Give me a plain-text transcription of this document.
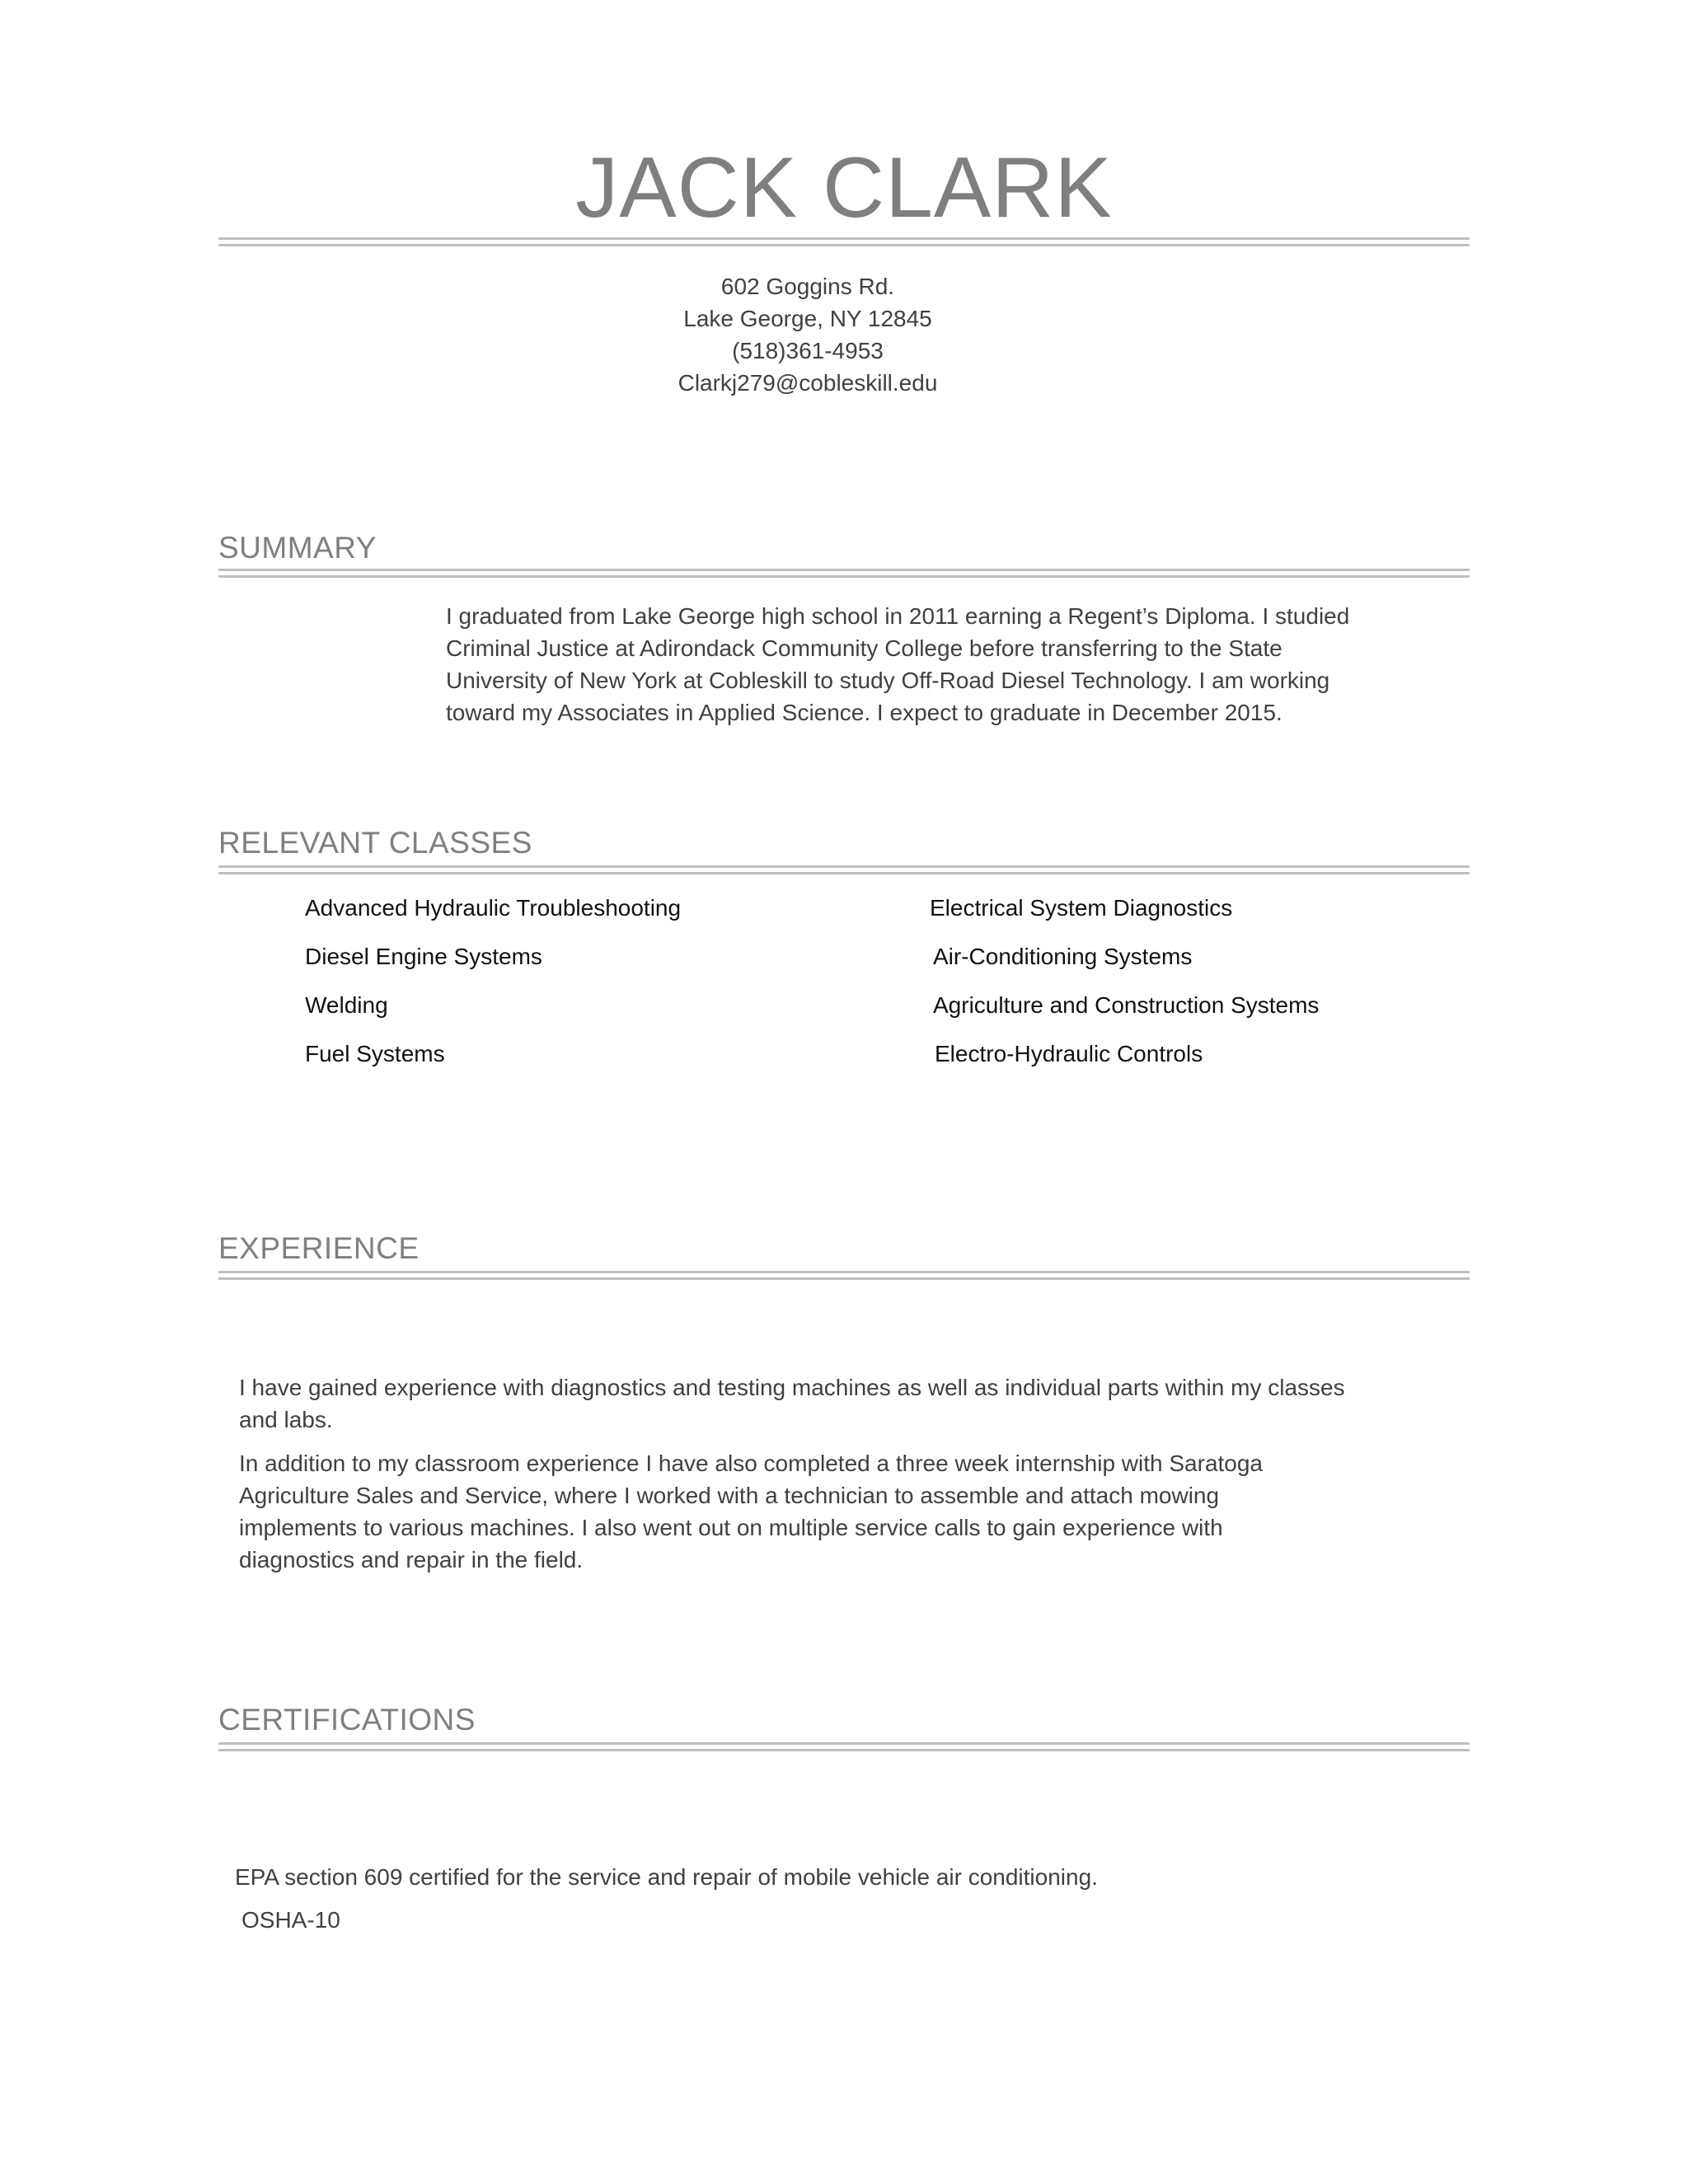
JACK CLARK
602 Goggins Rd.
Lake George, NY 12845
(518)361-4953
Clarkj279@cobleskill.edu
SUMMARY
I graduated from Lake George high school in 2011 earning a Regent’s Diploma. I studied
Criminal Justice at Adirondack Community College before transferring to the State
University of New York at Cobleskill to study Off-Road Diesel Technology. I am working
toward my Associates in Applied Science. I expect to graduate in December 2015.
RELEVANT CLASSES
Advanced Hydraulic Troubleshooting	Electrical System Diagnostics
Diesel Engine Systems	Air-Conditioning Systems
Welding	Agriculture and Construction Systems
Fuel Systems	Electro-Hydraulic Controls
EXPERIENCE

I have gained experience with diagnostics and testing machines as well as individual parts within my classes
and labs.

In addition to my classroom experience I have also completed a three week internship with Saratoga
Agriculture Sales and Service, where I worked with a technician to assemble and attach mowing
implements to various machines. I also went out on multiple service calls to gain experience with
diagnostics and repair in the field.

CERTIFICATIONS
EPA section 609 certified for the service and repair of mobile vehicle air conditioning.
OSHA-10
